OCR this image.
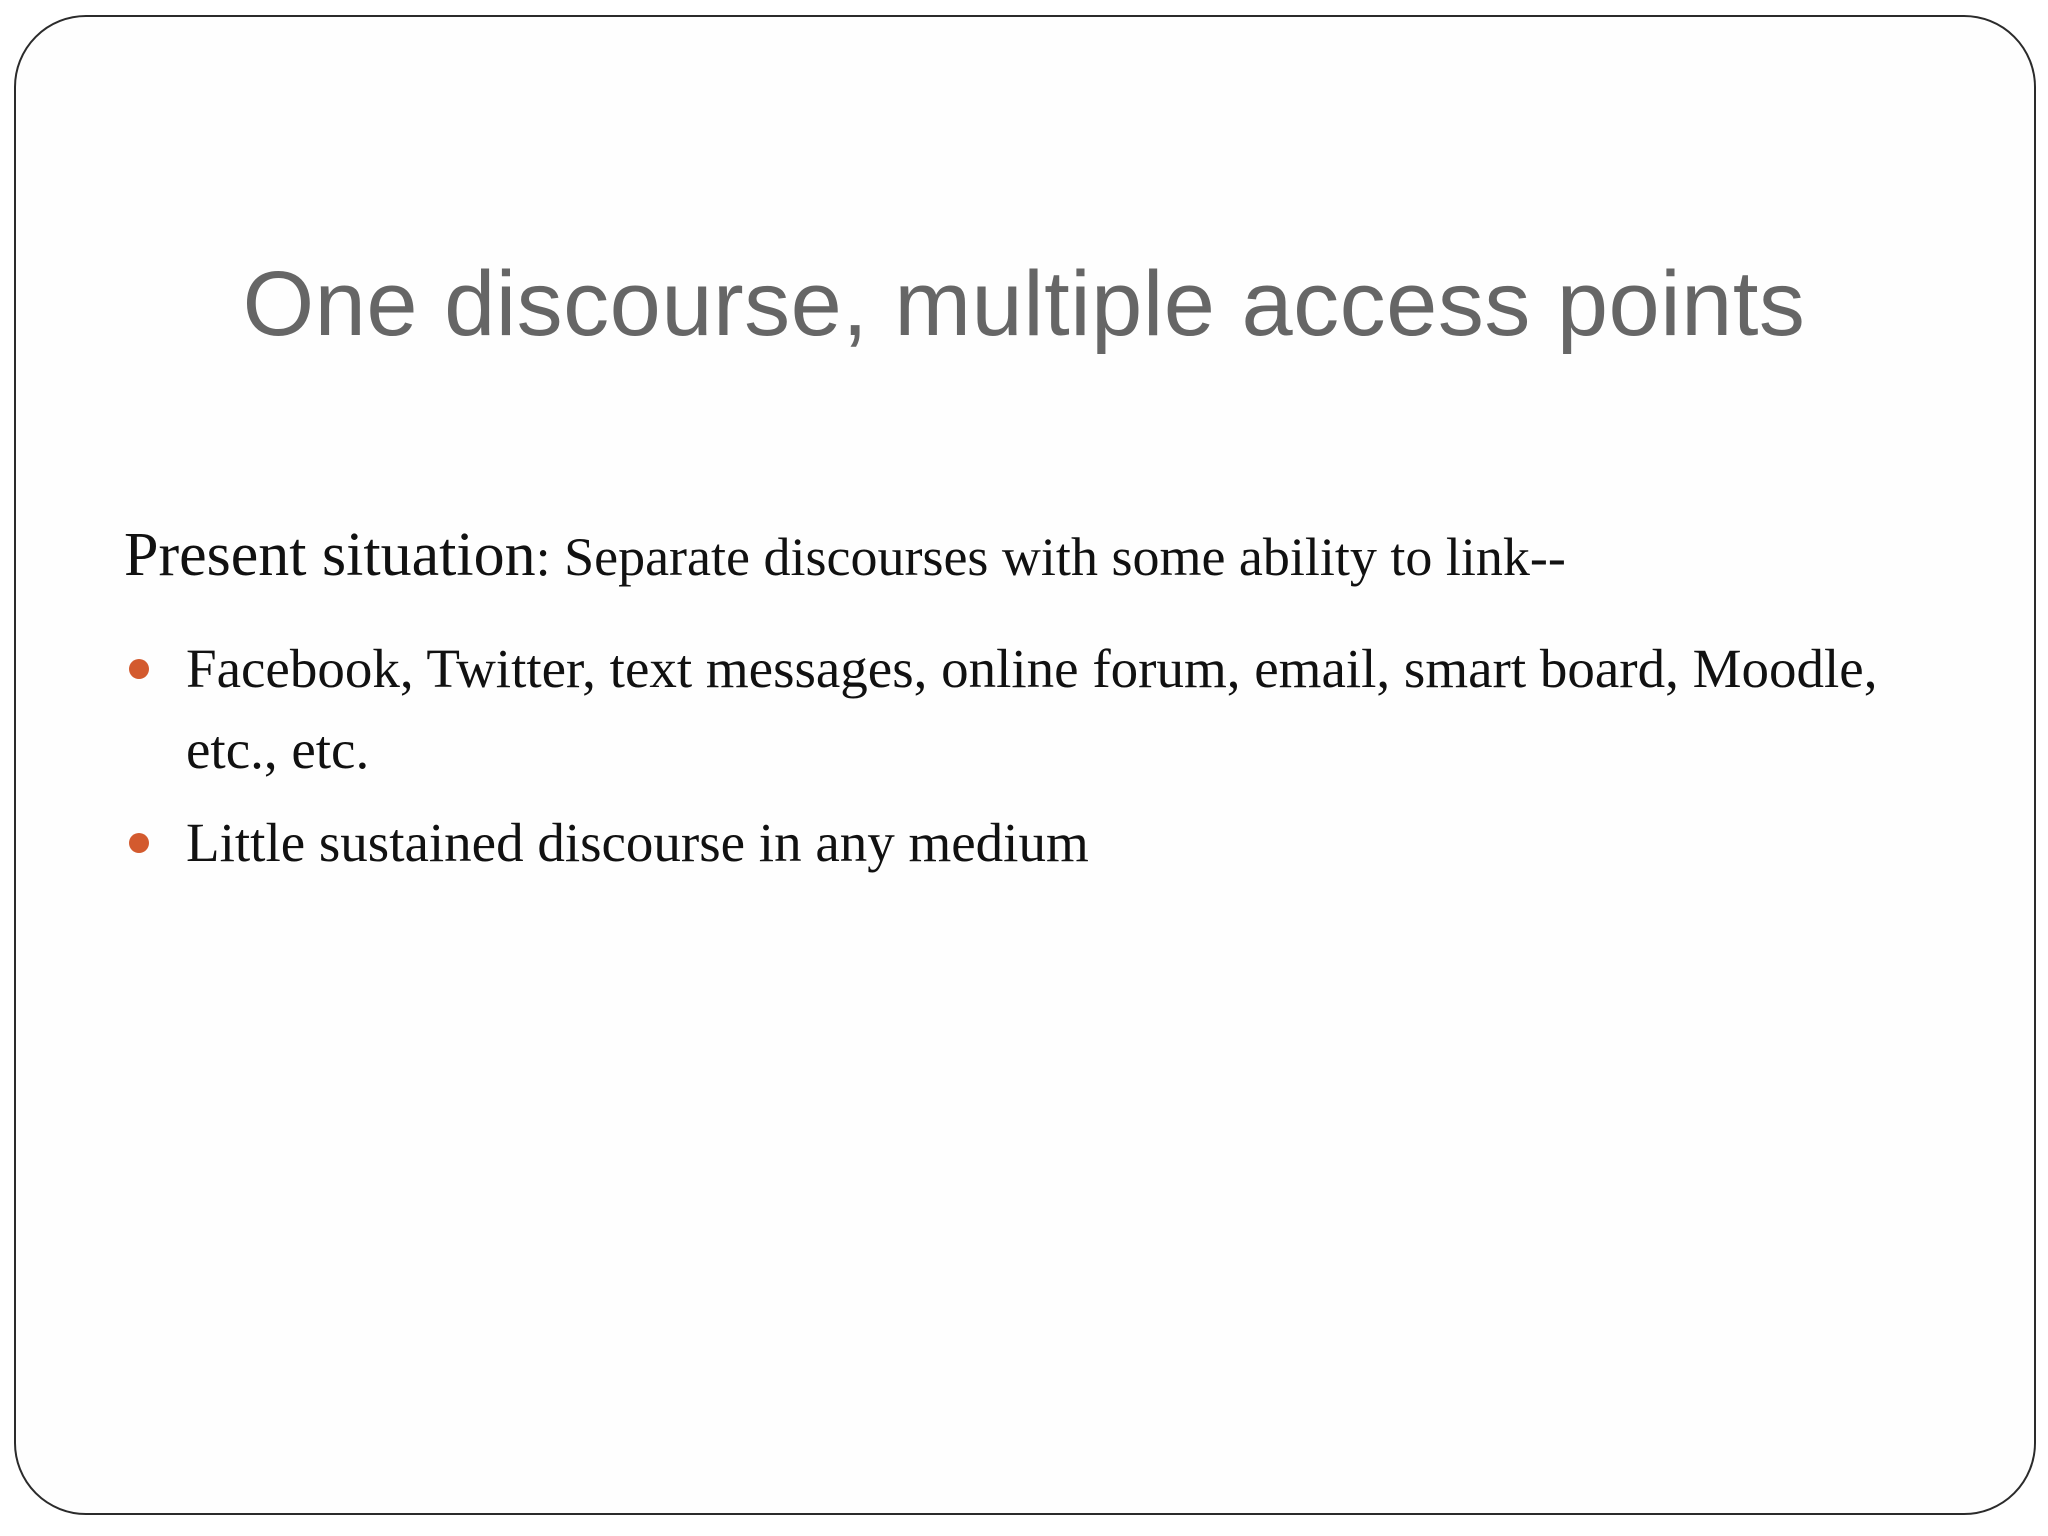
One discourse, multiple access points

Present situation: Separate discourses with some ability to link--

Facebook, Twitter, text messages, online forum, email, smart board, Moodle, etc., etc.

Little sustained discourse in any medium
